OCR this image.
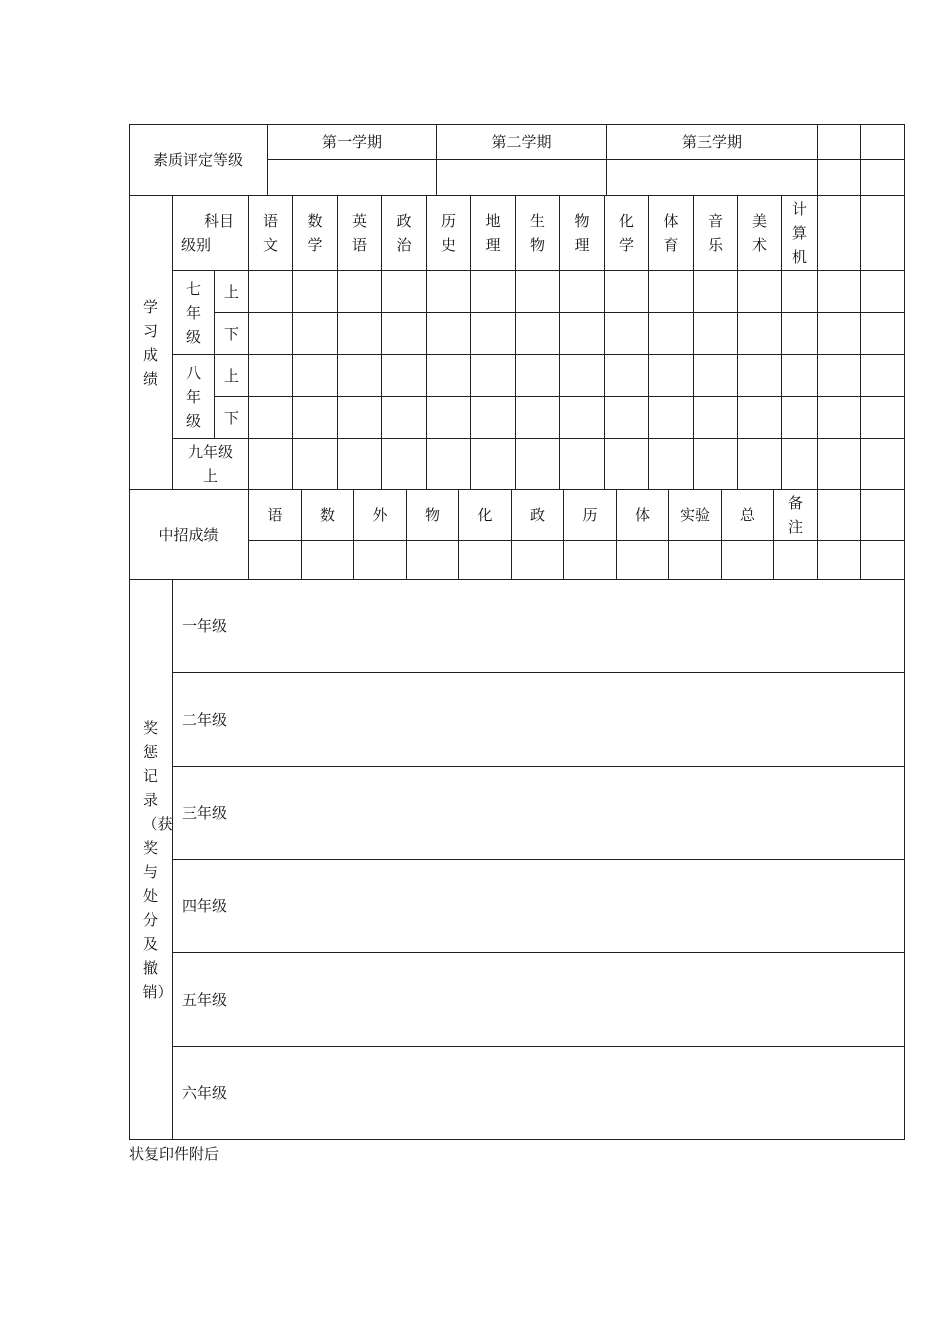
素质评定等级
第一学期	第二学期	第三学期
学习成绩
科目
级别
语文
数学
英语
政治
历史
地理
生物
物理
化学
体育
音乐
美术
计算机
七年级
上
下
八年级
上
下
九年级上
中招成绩
语 数 外 物 化 政 历 体 实验 总
备注
奖惩记录（获奖与处分及撤销）
一年级
二年级
三年级
四年级
五年级
六年级
状复印件附后
